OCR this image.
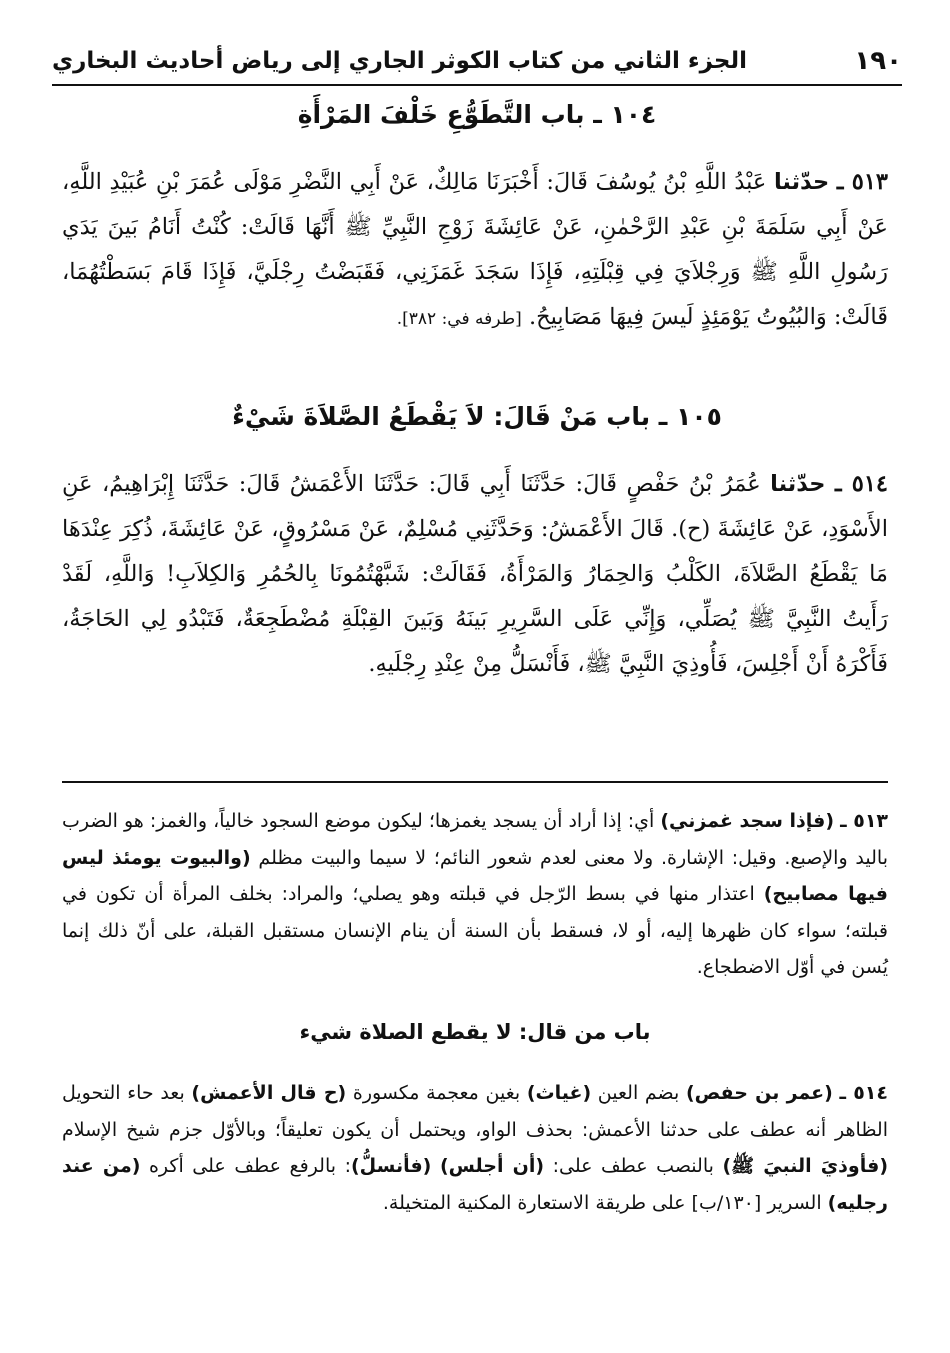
١٩٠
الجزء الثاني من كتاب الكوثر الجاري إلى رياض أحاديث البخاري
١٠٤ ـ باب التَّطَوُّعِ خَلْفَ المَرْأَةِ
٥١٣ ـ حدّثنا عَبْدُ اللَّهِ بْنُ يُوسُفَ قَالَ: أَخْبَرَنَا مَالِكٌ، عَنْ أَبِي النَّضْرِ مَوْلَى عُمَرَ بْنِ عُبَيْدِ اللَّهِ، عَنْ أَبِي سَلَمَةَ بْنِ عَبْدِ الرَّحْمٰنِ، عَنْ عَائِشَةَ زَوْجِ النَّبِيِّ ﷺ أَنَّهَا قَالَتْ: كُنْتُ أَنَامُ بَينَ يَدَي رَسُولِ اللَّهِ ﷺ وَرِجْلاَيَ فِي قِبْلَتِهِ، فَإِذَا سَجَدَ غَمَزَنِي، فَقَبَضْتُ رِجْلَيَّ، فَإِذَا قَامَ بَسَطْتُهُمَا، قَالَتْ: وَالبُيُوتُ يَوْمَئِذٍ لَيسَ فِيهَا مَصَابِيحُ. [طرفه في: ٣٨٢].
١٠٥ ـ باب مَنْ قَالَ: لاَ يَقْطَعُ الصَّلاَةَ شَيْءٌ
٥١٤ ـ حدّثنا عُمَرُ بْنُ حَفْصٍ قَالَ: حَدَّثَنَا أَبِي قَالَ: حَدَّثَنَا الأَعْمَشُ قَالَ: حَدَّثَنَا إِبْرَاهِيمُ، عَنِ الأَسْوَدِ، عَنْ عَائِشَةَ (ح). قَالَ الأَعْمَشُ: وَحَدَّثَنِي مُسْلِمٌ، عَنْ مَسْرُوقٍ، عَنْ عَائِشَةَ، ذُكِرَ عِنْدَهَا مَا يَقْطَعُ الصَّلاَةَ، الكَلْبُ وَالحِمَارُ وَالمَرْأَةُ، فَقَالَتْ: شَبَّهْتُمُونَا بِالحُمُرِ وَالكِلاَبِ! وَاللَّهِ، لَقَدْ رَأَيتُ النَّبِيَّ ﷺ يُصَلِّي، وَإِنِّي عَلَى السَّرِيرِ بَينَهُ وَبَينَ القِبْلَةِ مُضْطَجِعَةٌ، فَتَبْدُو لِي الحَاجَةُ، فَأَكْرَهُ أَنْ أَجْلِسَ، فَأُوذِيَ النَّبِيَّ ﷺ، فَأَنْسَلُّ مِنْ عِنْدِ رِجْلَيهِ.
٥١٣ ـ (فإذا سجد غمزني) أي: إذا أراد أن يسجد يغمزها؛ ليكون موضع السجود خالياً، والغمز: هو الضرب باليد والإصبع. وقيل: الإشارة. ولا معنى لعدم شعور النائم؛ لا سيما والبيت مظلم (والبيوت يومئذ ليس فيها مصابيح) اعتذار منها في بسط الرّجل في قبلته وهو يصلي؛ والمراد: بخلف المرأة أن تكون في قبلته؛ سواء كان ظهرها إليه، أو لا، فسقط بأن السنة أن ينام الإنسان مستقبل القبلة، على أنّ ذلك إنما يُسن في أوّل الاضطجاع.
باب من قال: لا يقطع الصلاة شيء
٥١٤ ـ (عمر بن حفص) بضم العين (غياث) بغين معجمة مكسورة (ح قال الأعمش) بعد حاء التحويل الظاهر أنه عطف على حدثنا الأعمش: بحذف الواو، ويحتمل أن يكون تعليقاً؛ وبالأوّل جزم شيخ الإسلام (فأوذيَ النبيَ ﷺ) بالنصب عطف على: (أن أجلس) (فأنسلُّ): بالرفع عطف على أكره (من عند رجليه) السرير [١٣٠/ب] على طريقة الاستعارة المكنية المتخيلة.
